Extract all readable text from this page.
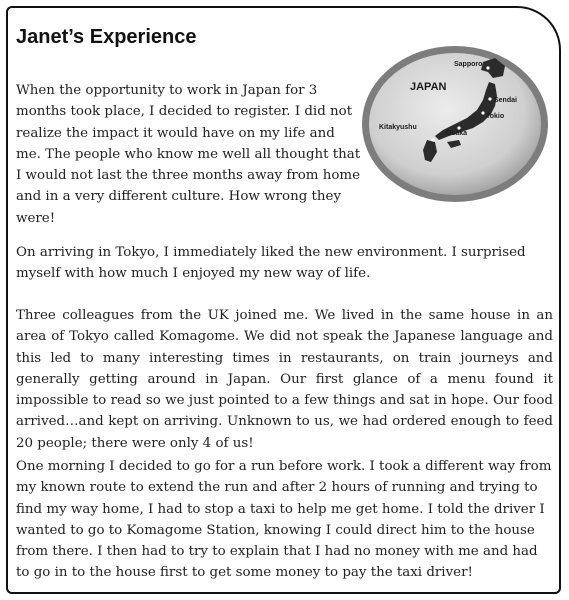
Janet’s Experience
JAPAN
Sapporo
Sendai
Tokio
Kitakyushu
Osaka

When the opportunity to work in Japan for 3 months took place, I decided to register. I did not realize the impact it would have on my life and me. The people who know me well all thought that I would not last the three months away from home and in a very different culture. How wrong they were!

On arriving in Tokyo, I immediately liked the new environment. I surprised myself with how much I enjoyed my new way of life.

Three colleagues from the UK joined me. We lived in the same house in an area of Tokyo called Komagome. We did not speak the Japanese language and this led to many interesting times in restaurants, on train journeys and generally getting around in Japan. Our first glance of a menu found it impossible to read so we just pointed to a few things and sat in hope. Our food arrived…and kept on arriving. Unknown to us, we had ordered enough to feed 20 people; there were only 4 of us!

One morning I decided to go for a run before work. I took a different way from my known route to extend the run and after 2 hours of running and trying to find my way home, I had to stop a taxi to help me get home. I told the driver I wanted to go to Komagome Station, knowing I could direct him to the house from there. I then had to try to explain that I had no money with me and had to go in to the house first to get some money to pay the taxi driver!
